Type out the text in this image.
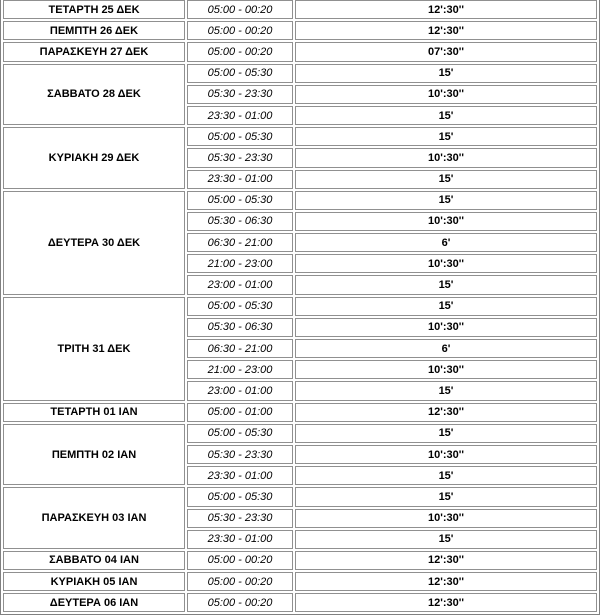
ΤΕΤΑΡΤΗ 25 ΔΕΚ	05:00 - 00:20	12':30''
ΠΕΜΠΤΗ 26 ΔΕΚ	05:00 - 00:20	12':30''
ΠΑΡΑΣΚΕΥΗ 27 ΔΕΚ	05:00 - 00:20	07':30''
ΣΑΒΒΑΤΟ 28 ΔΕΚ	05:00 - 05:30	15'
	05:30 - 23:30	10':30''
	23:30 - 01:00	15'
ΚΥΡΙΑΚΗ 29 ΔΕΚ	05:00 - 05:30	15'
	05:30 - 23:30	10':30''
	23:30 - 01:00	15'
ΔΕΥΤΕΡΑ 30 ΔΕΚ	05:00 - 05:30	15'
	05:30 - 06:30	10':30''
	06:30 - 21:00	6'
	21:00 - 23:00	10':30''
	23:00 - 01:00	15'
ΤΡΙΤΗ 31 ΔΕΚ	05:00 - 05:30	15'
	05:30 - 06:30	10':30''
	06:30 - 21:00	6'
	21:00 - 23:00	10':30''
	23:00 - 01:00	15'
ΤΕΤΑΡΤΗ 01 ΙΑΝ	05:00 - 01:00	12':30''
ΠΕΜΠΤΗ 02 ΙΑΝ	05:00 - 05:30	15'
	05:30 - 23:30	10':30''
	23:30 - 01:00	15'
ΠΑΡΑΣΚΕΥΗ 03 ΙΑΝ	05:00 - 05:30	15'
	05:30 - 23:30	10':30''
	23:30 - 01:00	15'
ΣΑΒΒΑΤΟ 04 ΙΑΝ	05:00 - 00:20	12':30''
ΚΥΡΙΑΚΗ 05 ΙΑΝ	05:00 - 00:20	12':30''
ΔΕΥΤΕΡΑ 06 ΙΑΝ	05:00 - 00:20	12':30''
